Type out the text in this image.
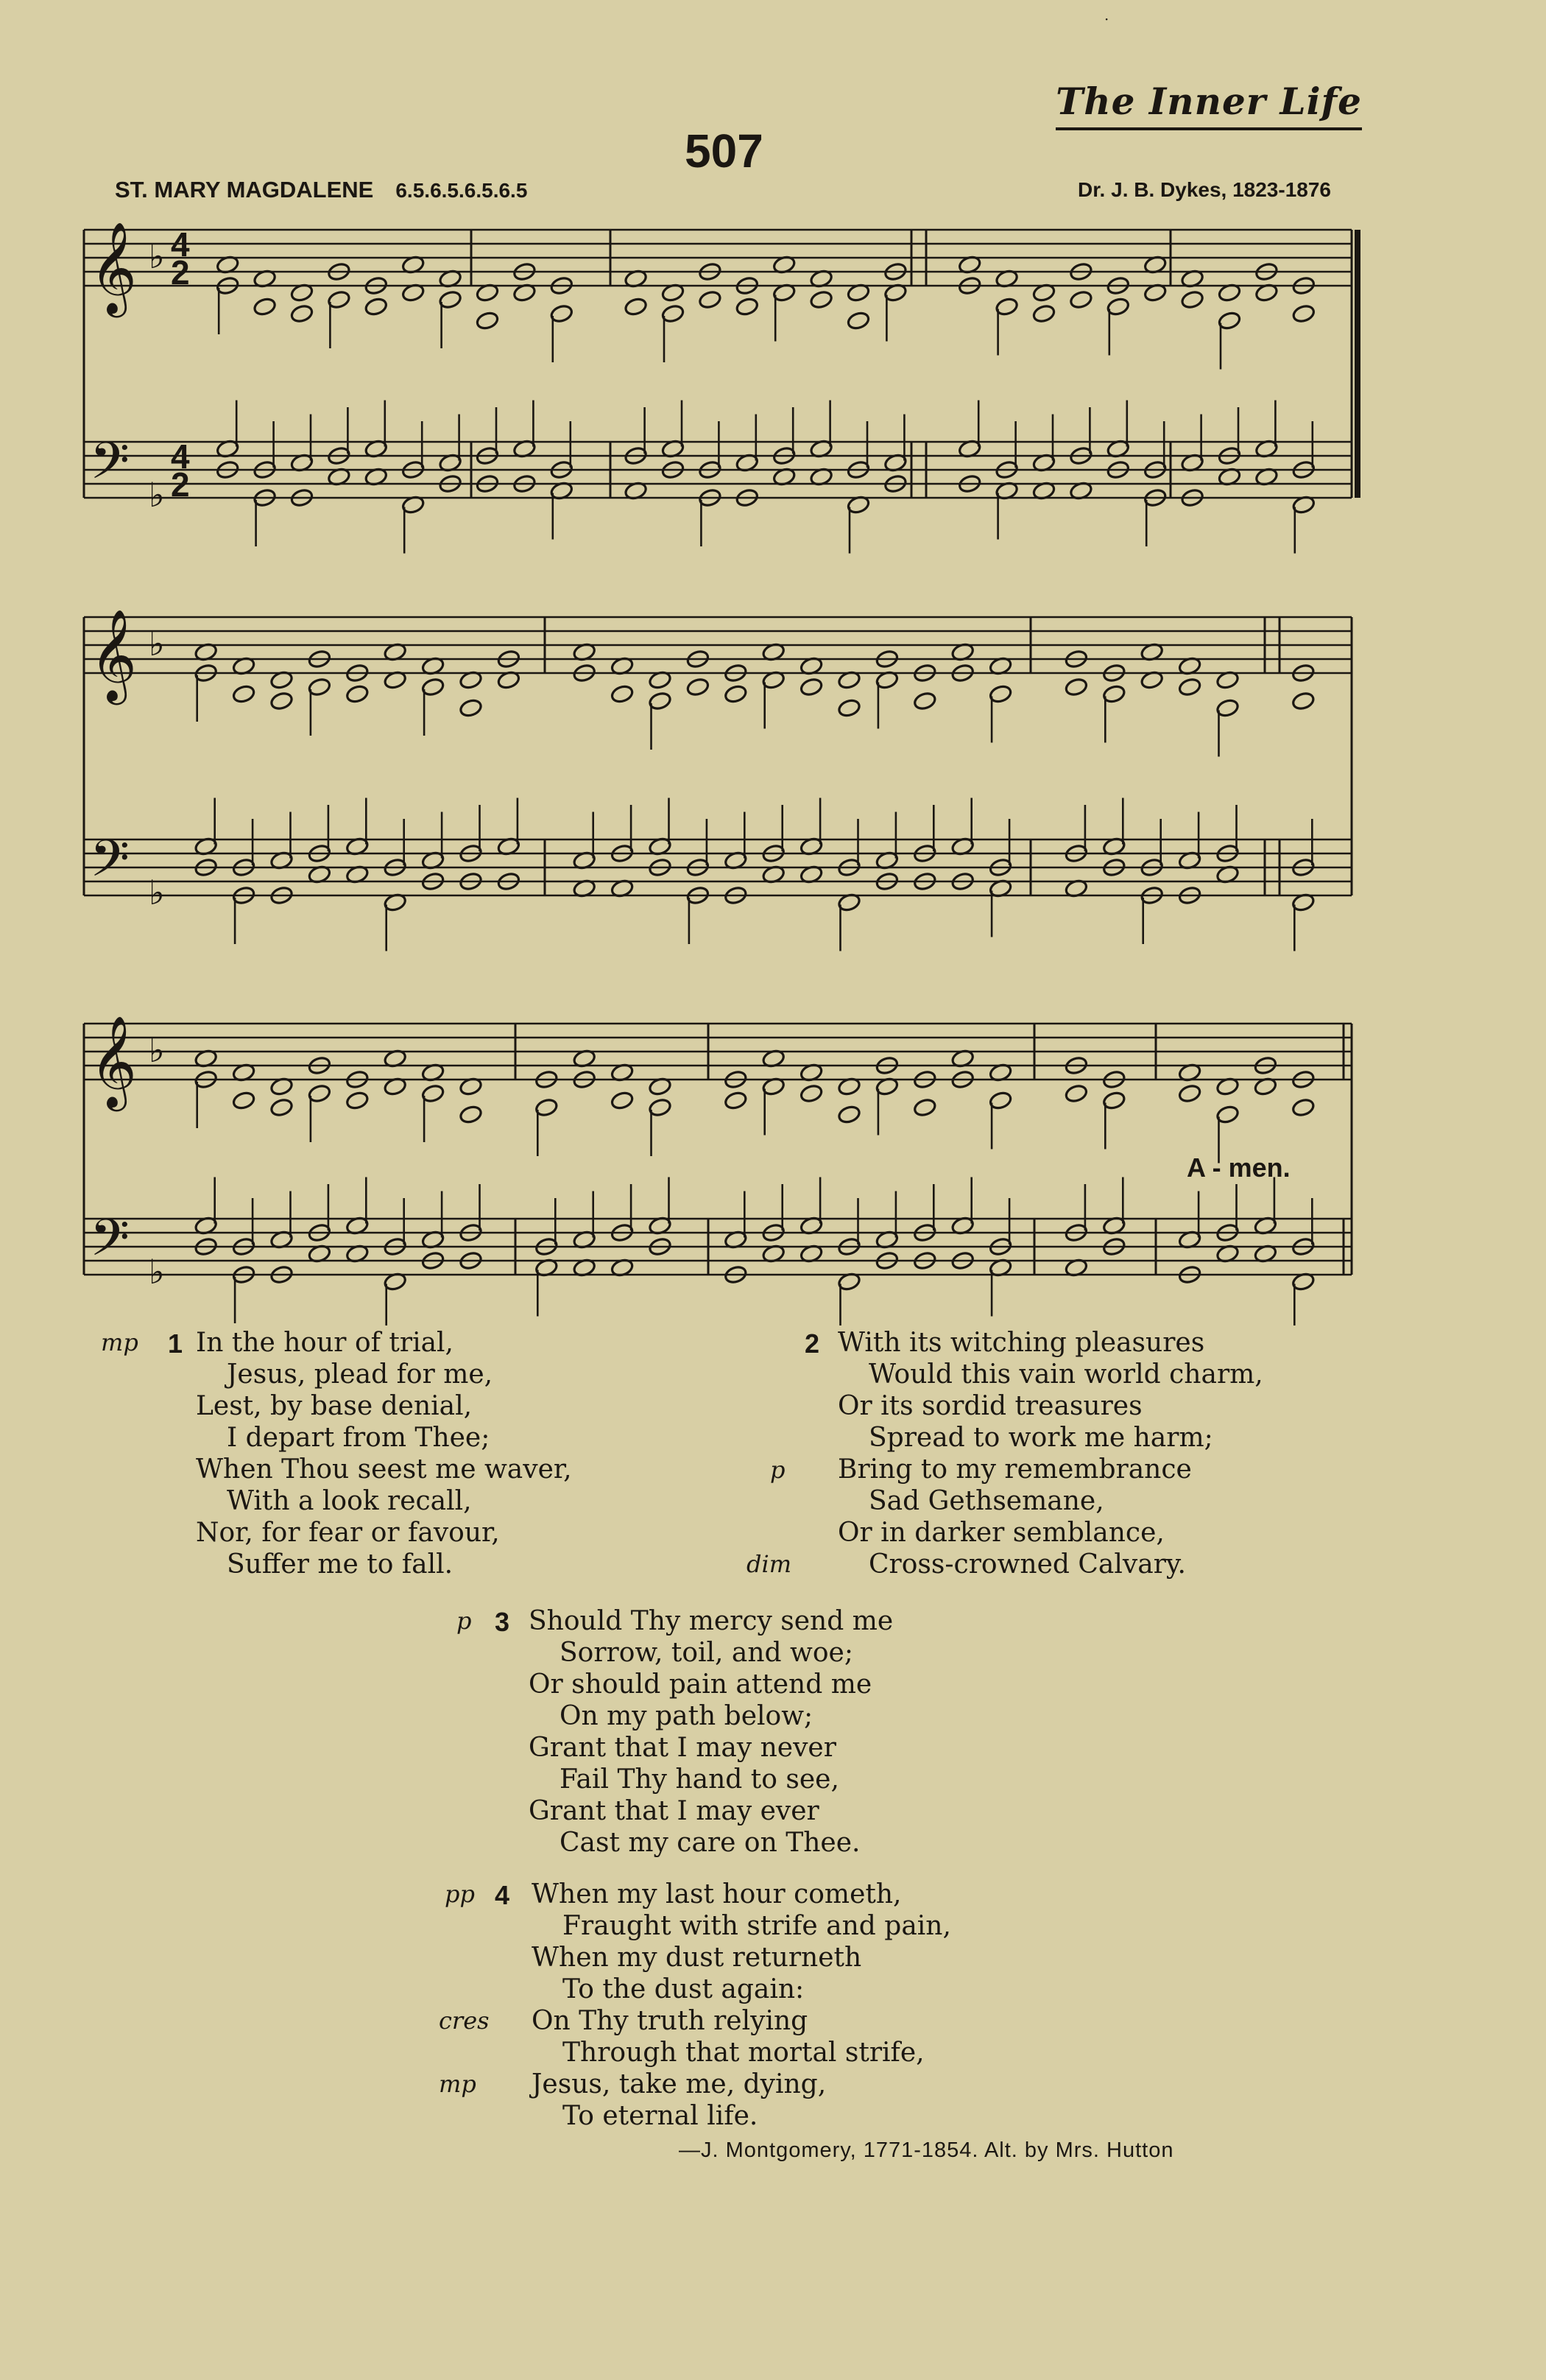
The Inner Life
507
ST. MARY MAGDALENE 6.5.6.5.6.5.6.5	Dr. J. B. Dykes, 1823-1876
𝄞
𝄢
♭
♭
4
4
2
2
𝄞
𝄢
♭
♭
𝄞
𝄢
♭
♭
A - men.
mp 1 In the hour of trial,
Jesus, plead for me,
Lest, by base denial,
I depart from Thee;
When Thou seest me waver,
With a look recall,
Nor, for fear or favour,
Suffer me to fall.
2
p
dim
With its witching pleasures
Would this vain world charm,
Or its sordid treasures
Spread to work me harm;
Bring to my remembrance
Sad Gethsemane,
Or in darker semblance,
Cross-crowned Calvary.
p 3 Should Thy mercy send me
Sorrow, toil, and woe;
Or should pain attend me
On my path below;
Grant that I may never
Fail Thy hand to see,
Grant that I may ever
Cast my care on Thee.
pp 4
cres
mp
When my last hour cometh,
Fraught with strife and pain,
When my dust returneth
To the dust again:
On Thy truth relying
Through that mortal strife,
Jesus, take me, dying,
To eternal life.
—J. Montgomery, 1771-1854. Alt. by Mrs. Hutton
·
